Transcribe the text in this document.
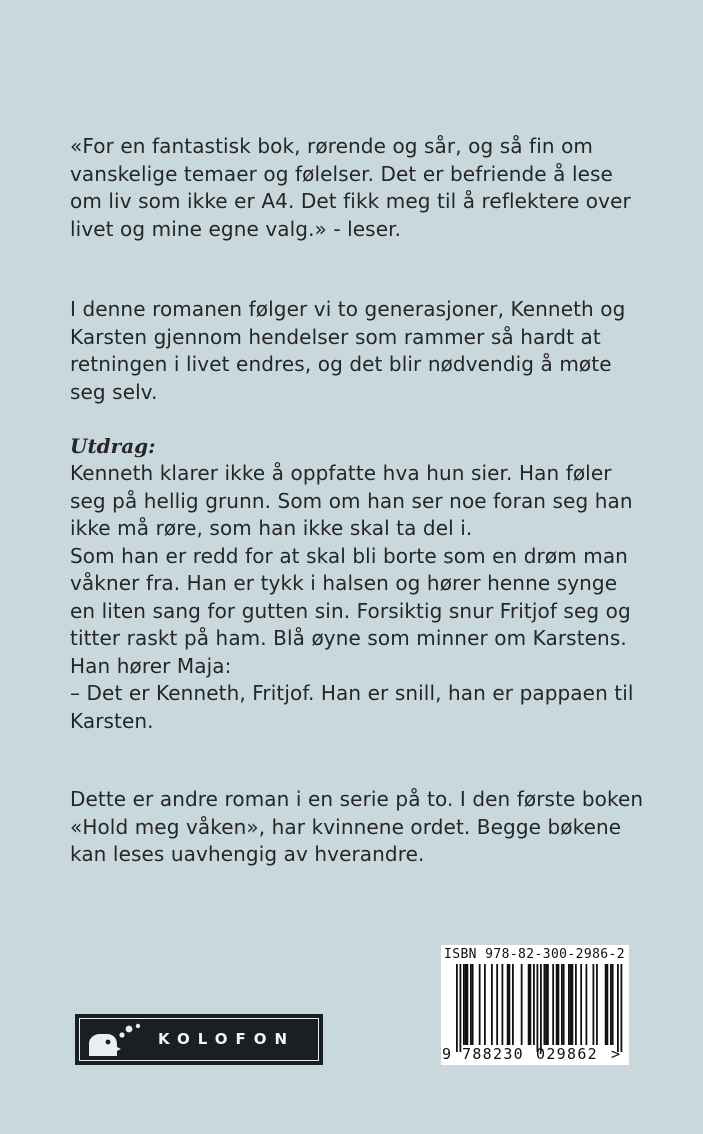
«For en fantastisk bok, rørende og sår, og så fin om
vanskelige temaer og følelser. Det er befriende å lese
om liv som ikke er A4. Det fikk meg til å reflektere over
livet og mine egne valg.» - leser.

I denne romanen følger vi to generasjoner, Kenneth og
Karsten gjennom hendelser som rammer så hardt at
retningen i livet endres, og det blir nødvendig å møte
seg selv.

Utdrag:

Kenneth klarer ikke å oppfatte hva hun sier. Han føler
seg på hellig grunn. Som om han ser noe foran seg han
ikke må røre, som han ikke skal ta del i.
Som han er redd for at skal bli borte som en drøm man
våkner fra. Han er tykk i halsen og hører henne synge
en liten sang for gutten sin. Forsiktig snur Fritjof seg og
titter raskt på ham. Blå øyne som minner om Karstens.
Han hører Maja:
– Det er Kenneth, Fritjof. Han er snill, han er pappaen til
Karsten.

Dette er andre roman i en serie på to. I den første boken
«Hold meg våken», har kvinnene ordet. Begge bøkene
kan leses uavhengig av hverandre.

KOLOFON
ISBN 978-82-300-2986-2
9 788230 029862 >
